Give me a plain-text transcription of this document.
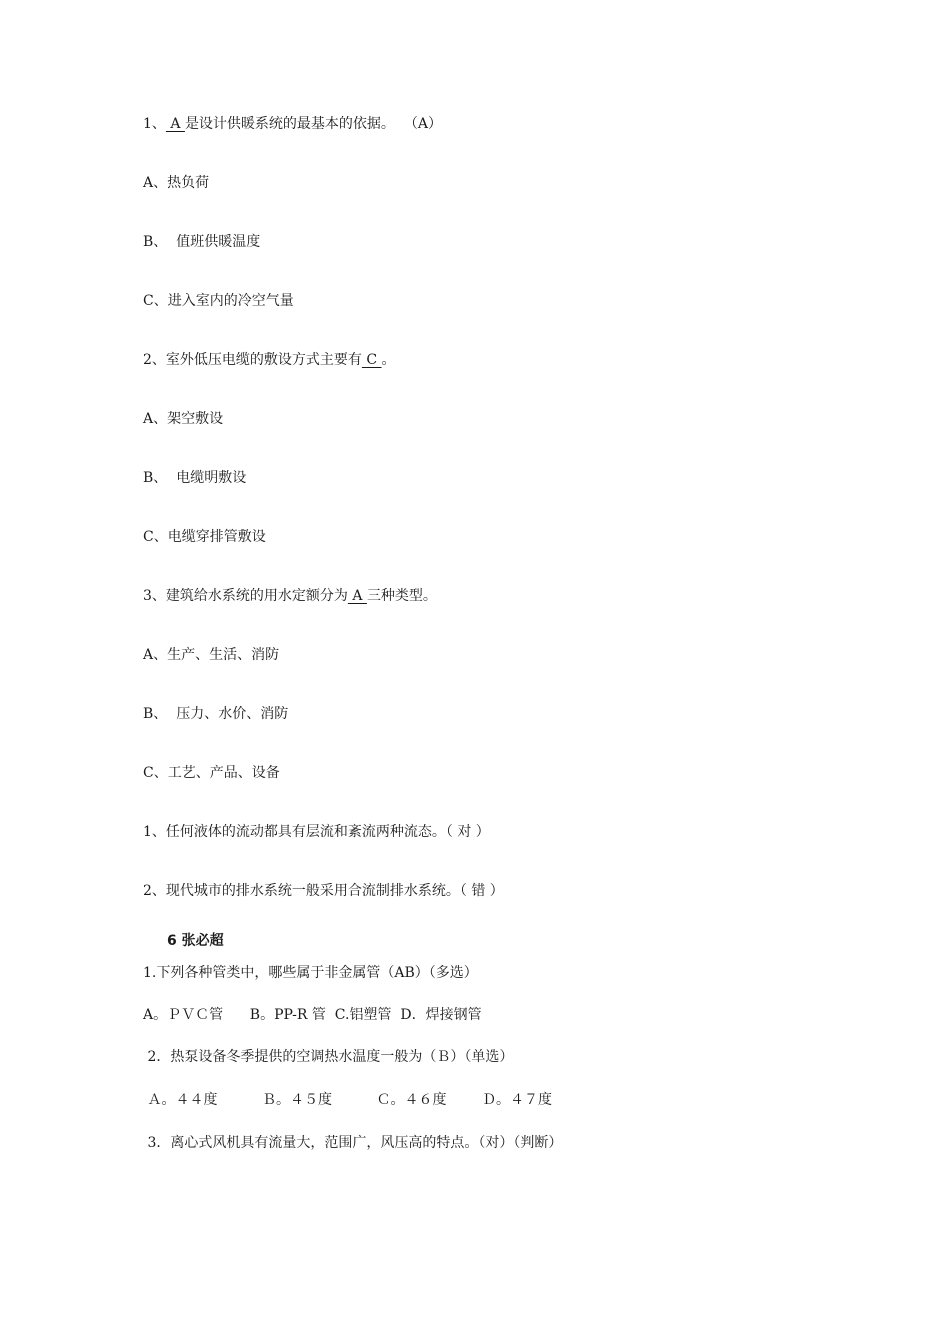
1、 A 是设计供暖系统的最基本的依据。  （A）
A、热负荷
B、  值班供暖温度
C、进入室内的冷空气量
2、室外低压电缆的敷设方式主要有 C 。
A、架空敷设
B、  电缆明敷设
C、电缆穿排管敷设
3、建筑给水系统的用水定额分为 A 三种类型。
A、生产、生活、消防
B、  压力、水价、消防
C、工艺、产品、设备
1、任何液体的流动都具有层流和紊流两种流态。（ 对 ）
2、现代城市的排水系统一般采用合流制排水系统。（ 错 ）
6 张必超
1.下列各种管类中，哪些属于非金属管（AB）（多选）
A。ＰＶＣ管      B。PP-R 管  C.铝塑管  D．焊接钢管
2．热泵设备冬季提供的空调热水温度一般为（Ｂ）（单选）
Ａ。４４度          Ｂ。４５度          Ｃ。４６度        Ｄ。４７度
3．离心式风机具有流量大，范围广，风压高的特点。（对）（判断）
